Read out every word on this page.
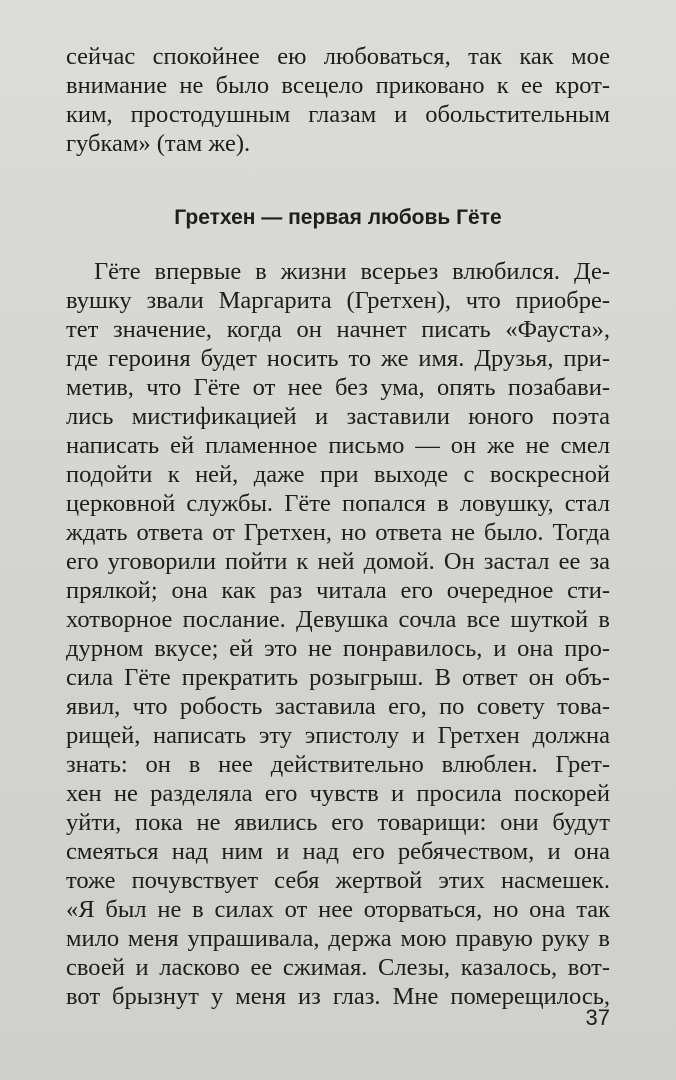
сейчас спокойнее ею любоваться, так как мое
внимание не было всецело приковано к ее крот-
ким, простодушным глазам и обольстительным
губкам» (там же).
Гретхен — первая любовь Гёте
Гёте впервые в жизни всерьез влюбился. Де-
вушку звали Маргарита (Гретхен), что приобре-
тет значение, когда он начнет писать «Фауста»,
где героиня будет носить то же имя. Друзья, при-
метив, что Гёте от нее без ума, опять позабави-
лись мистификацией и заставили юного поэта
написать ей пламенное письмо — он же не смел
подойти к ней, даже при выходе с воскресной
церковной службы. Гёте попался в ловушку, стал
ждать ответа от Гретхен, но ответа не было. Тогда
его уговорили пойти к ней домой. Он застал ее за
прялкой; она как раз читала его очередное сти-
хотворное послание. Девушка сочла все шуткой в
дурном вкусе; ей это не понравилось, и она про-
сила Гёте прекратить розыгрыш. В ответ он объ-
явил, что робость заставила его, по совету това-
рищей, написать эту эпистолу и Гретхен должна
знать: он в нее действительно влюблен. Грет-
хен не разделяла его чувств и просила поскорей
уйти, пока не явились его товарищи: они будут
смеяться над ним и над его ребячеством, и она
тоже почувствует себя жертвой этих насмешек.
«Я был не в силах от нее оторваться, но она так
мило меня упрашивала, держа мою правую руку в
своей и ласково ее сжимая. Слезы, казалось, вот-
вот брызнут у меня из глаз. Мне померещилось,
37
